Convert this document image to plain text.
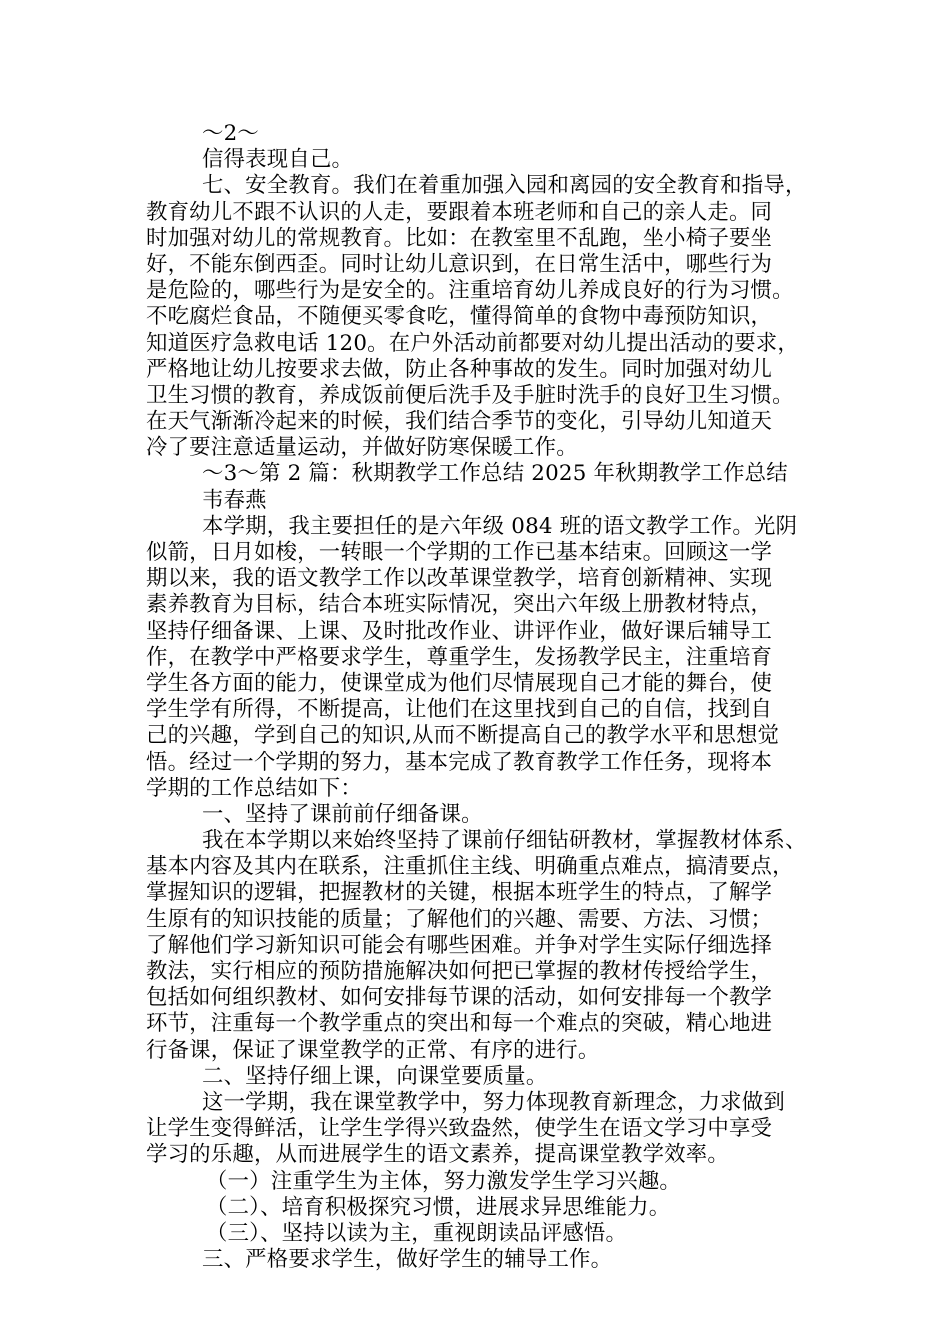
～2～
信得表现自己。
七、安全教育。我们在着重加强入园和离园的安全教育和指导，
教育幼儿不跟不认识的人走，要跟着本班老师和自己的亲人走。同
时加强对幼儿的常规教育。比如：在教室里不乱跑，坐小椅子要坐
好，不能东倒西歪。同时让幼儿意识到，在日常生活中，哪些行为
是危险的，哪些行为是安全的。注重培育幼儿养成良好的行为习惯。
不吃腐烂食品，不随便买零食吃，懂得简单的食物中毒预防知识，
知道医疗急救电话 120。在户外活动前都要对幼儿提出活动的要求，
严格地让幼儿按要求去做，防止各种事故的发生。同时加强对幼儿
卫生习惯的教育，养成饭前便后洗手及手脏时洗手的良好卫生习惯。
在天气渐渐冷起来的时候，我们结合季节的变化，引导幼儿知道天
冷了要注意适量运动，并做好防寒保暖工作。
～3～第 2 篇：秋期教学工作总结 2025 年秋期教学工作总结
韦春燕
本学期，我主要担任的是六年级 084 班的语文教学工作。光阴
似箭，日月如梭，一转眼一个学期的工作已基本结束。回顾这一学
期以来，我的语文教学工作以改革课堂教学，培育创新精神、实现
素养教育为目标，结合本班实际情况，突出六年级上册教材特点，
坚持仔细备课、上课、及时批改作业、讲评作业，做好课后辅导工
作，在教学中严格要求学生，尊重学生，发扬教学民主，注重培育
学生各方面的能力，使课堂成为他们尽情展现自己才能的舞台，使
学生学有所得，不断提高，让他们在这里找到自己的自信，找到自
己的兴趣，学到自己的知识,从而不断提高自己的教学水平和思想觉
悟。经过一个学期的努力，基本完成了教育教学工作任务，现将本
学期的工作总结如下：
一、坚持了课前前仔细备课。
我在本学期以来始终坚持了课前仔细钻研教材，掌握教材体系、
基本内容及其内在联系，注重抓住主线、明确重点难点，搞清要点，
掌握知识的逻辑，把握教材的关键，根据本班学生的特点，了解学
生原有的知识技能的质量；了解他们的兴趣、需要、方法、习惯；
了解他们学习新知识可能会有哪些困难。并争对学生实际仔细选择
教法，实行相应的预防措施解决如何把已掌握的教材传授给学生，
包括如何组织教材、如何安排每节课的活动，如何安排每一个教学
环节，注重每一个教学重点的突出和每一个难点的突破，精心地进
行备课，保证了课堂教学的正常、有序的进行。
二、坚持仔细上课，向课堂要质量。
这一学期，我在课堂教学中，努力体现教育新理念，力求做到
让学生变得鲜活，让学生学得兴致盎然，使学生在语文学习中享受
学习的乐趣，从而进展学生的语文素养，提高课堂教学效率。
（一）注重学生为主体，努力激发学生学习兴趣。
（二）、培育积极探究习惯，进展求异思维能力。
（三）、坚持以读为主，重视朗读品评感悟。
三、严格要求学生，做好学生的辅导工作。
